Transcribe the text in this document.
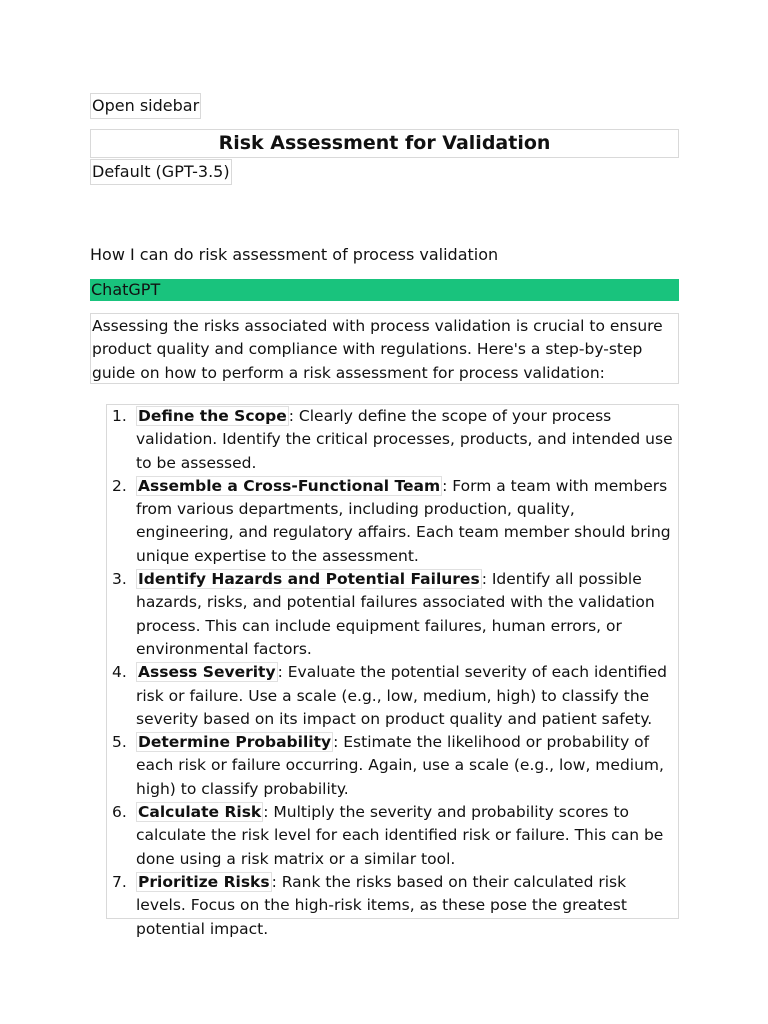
Open sidebar
Risk Assessment for Validation
Default (GPT-3.5)
How I can do risk assessment of process validation
ChatGPT
Assessing the risks associated with process validation is crucial to ensure product quality and compliance with regulations. Here's a step-by-step guide on how to perform a risk assessment for process validation:
1. Define the Scope : Clearly define the scope of your process validation. Identify the critical processes, products, and intended use to be assessed.
2. Assemble a Cross-Functional Team : Form a team with members from various departments, including production, quality, engineering, and regulatory affairs. Each team member should bring unique expertise to the assessment.
3. Identify Hazards and Potential Failures : Identify all possible hazards, risks, and potential failures associated with the validation process. This can include equipment failures, human errors, or environmental factors.
4. Assess Severity : Evaluate the potential severity of each identified risk or failure. Use a scale (e.g., low, medium, high) to classify the severity based on its impact on product quality and patient safety.
5. Determine Probability : Estimate the likelihood or probability of each risk or failure occurring. Again, use a scale (e.g., low, medium, high) to classify probability.
6. Calculate Risk : Multiply the severity and probability scores to calculate the risk level for each identified risk or failure. This can be done using a risk matrix or a similar tool.
7. Prioritize Risks : Rank the risks based on their calculated risk levels. Focus on the high-risk items, as these pose the greatest potential impact.
